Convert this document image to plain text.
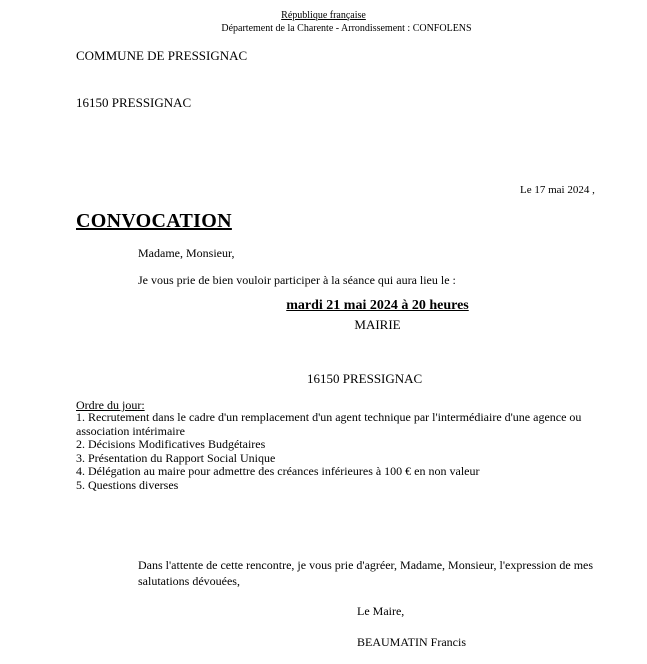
République française
Département de la Charente - Arrondissement : CONFOLENS
COMMUNE DE PRESSIGNAC
16150 PRESSIGNAC
Le 17 mai 2024 ,
CONVOCATION
Madame, Monsieur,
Je vous prie de bien vouloir participer à la séance qui aura lieu le :
mardi 21 mai 2024 à 20 heures
MAIRIE
16150 PRESSIGNAC
Ordre du jour:
1. Recrutement dans le cadre d'un remplacement d'un agent technique par l'intermédiaire d'une agence ou association intérimaire
2. Décisions Modificatives Budgétaires
3. Présentation du Rapport Social Unique
4. Délégation au maire pour admettre des créances inférieures à 100 € en non valeur
5. Questions diverses
Dans l'attente de cette rencontre, je vous prie d'agréer, Madame, Monsieur, l'expression de mes salutations dévouées,
Le Maire,
BEAUMATIN Francis
